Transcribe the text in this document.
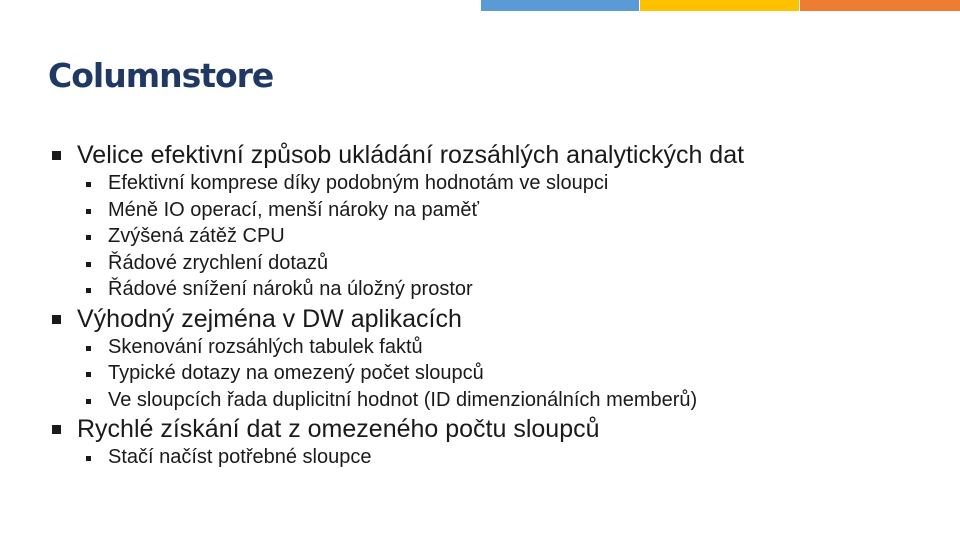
Columnstore
Velice efektivní způsob ukládání rozsáhlých analytických dat
Efektivní komprese díky podobným hodnotám ve sloupci
Méně IO operací, menší nároky na paměť
Zvýšená zátěž CPU
Řádové zrychlení dotazů
Řádové snížení nároků na úložný prostor
Výhodný zejména v DW aplikacích
Skenování rozsáhlých tabulek faktů
Typické dotazy na omezený počet sloupců
Ve sloupcích řada duplicitní hodnot (ID dimenzionálních memberů)
Rychlé získání dat z omezeného počtu sloupců
Stačí načíst potřebné sloupce
